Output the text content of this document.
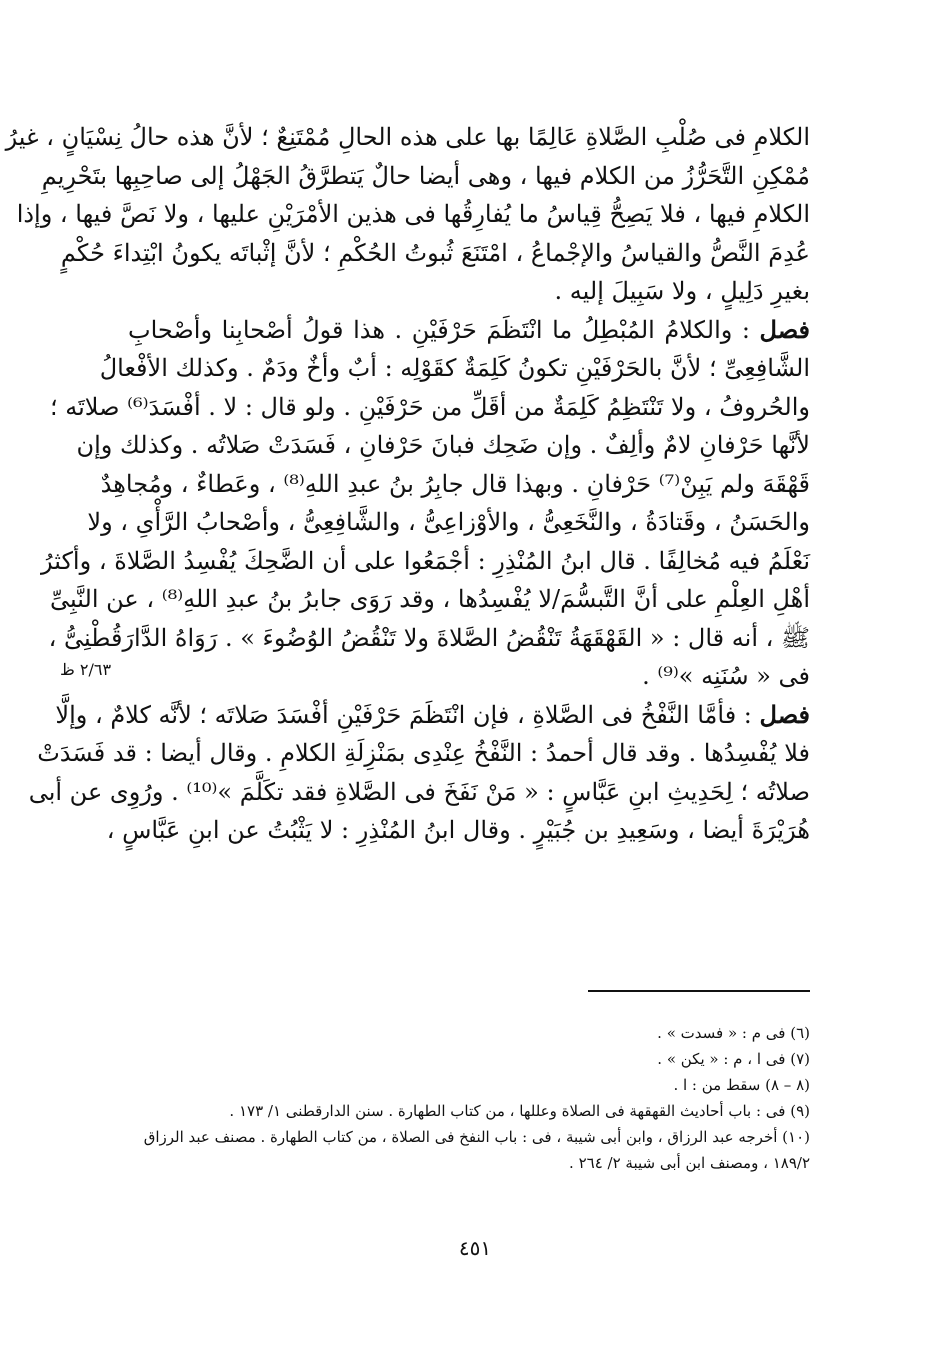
الكلامِ فى صُلْبِ الصَّلاةِ عَالِمًا بها على هذه الحالِ مُمْتَنِعٌ ؛ لأنَّ هذه حالُ نِسْيَانٍ ، غيرُ
مُمْكِنِ التَّحَرُّزُ من الكلام فيها ، وهى أيضا حالٌ يَتطرَّقُ الجَهْلُ إلى صاحِبِها بتَحْرِيمِ
الكلامِ فيها ، فلا يَصِحُّ قِياسُ ما يُفارِقُها فى هذين الأمْرَيْنِ عليها ، ولا نَصَّ فيها ، وإذا
عُدِمَ النَّصُّ والقياسُ والإجْماعُ ، امْتَنَعَ ثُبوتُ الحُكْمِ ؛ لأنَّ إثْباتَه يكونُ ابْتِداءَ حُكْمٍ
بغيرِ دَلِيلٍ ، ولا سَبِيلَ إليه .
فصل : والكلامُ المُبْطِلُ ما انْتَظَمَ حَرْفَيْنِ . هذا قولُ أصْحابِنا وأصْحابِ
الشَّافِعِىِّ ؛ لأنَّ بالحَرْفَيْنِ تكونُ كَلِمَةٌ كقَوْلِه : أبٌ وأخٌ ودَمٌ . وكذلك الأفْعالُ
والحُروفُ ، ولا تَنْتَظِمُ كَلِمَةٌ من أقَلِّ من حَرْفَيْنِ . ولو قال : لا . أفْسَدَ⁽⁶⁾ صلاتَه ؛
لأنَّها حَرْفانِ لامٌ وألِفٌ . وإن ضَحِك فبانَ حَرْفانِ ، فَسَدَتْ صَلاتُه . وكذلك وإن
قَهْقَهَ ولم يَبِنْ⁽⁷⁾ حَرْفانِ . وبهذا قال جابِرُ بنُ عبدِ اللهِ⁽⁸⁾ ، وعَطاءٌ ، ومُجاهِدٌ
والحَسَنُ ، وقَتادَةُ ، والنَّخَعِىُّ ، والأوْزاعِىُّ ، والشَّافِعِىُّ ، وأصْحابُ الرَّأْىِ ، ولا
نَعْلَمُ فيه مُخالِفًا . قال ابنُ المُنْذِرِ : أجْمَعُوا على أن الضَّحِكَ يُفْسِدُ الصَّلاةَ ، وأكثرُ
أهْلِ العِلْمِ على أنَّ التَّبسُّمَ/لا يُفْسِدُها ، وقد رَوَى جابرُ بنُ عبدِ اللهِ⁽⁸⁾ ، عن النَّبِىِّ
ﷺ ، أنه قال : « القَهْقَهَةُ تَنْقُضُ الصَّلاةَ ولا تَنْقُضُ الوُضُوءَ » . رَوَاهُ الدَّارَقُطْنِىُّ ،
فى « سُنَنِه »⁽⁹⁾ .
فصل : فأمَّا النَّفْخُ فى الصَّلاةِ ، فإن انْتَظَمَ حَرْفَيْنِ أفْسَدَ صَلاتَه ؛ لأنَّه كلامٌ ، وإلَّا
فلا يُفْسِدُها . وقد قال أحمدُ : النَّفْخُ عِنْدِى بمَنْزِلَةِ الكلامِ . وقال أيضا : قد فَسَدَتْ
صلاتُه ؛ لِحَدِيثِ ابنِ عَبَّاسٍ : « مَنْ نَفَخَ فى الصَّلاةِ فقد تكَلَّمَ »⁽¹⁰⁾ . ورُوِى عن أبى
هُرَيْرَةَ أيضا ، وسَعِيدِ بن جُبَيْرٍ . وقال ابنُ المُنْذِرِ : لا يَثْبُتُ عن ابنِ عَبَّاسٍ ،
٢/٦٣ ظ
(٦) فى م : « فسدت » .
(٧) فى ا ، م : « يكن » .
(٨ – ٨) سقط من : ا .
(٩) فى : باب أحاديث القهقهة فى الصلاة وعللها ، من كتاب الطهارة . سنن الدارقطنى ١/ ١٧٣ .
(١٠) أخرجه عبد الرزاق ، وابن أبى شيبة ، فى : باب النفخ فى الصلاة ، من كتاب الطهارة . مصنف عبد الرزاق
١٨٩/٢ ، ومصنف ابن أبى شيبة ٢/ ٢٦٤ .
٤٥١
